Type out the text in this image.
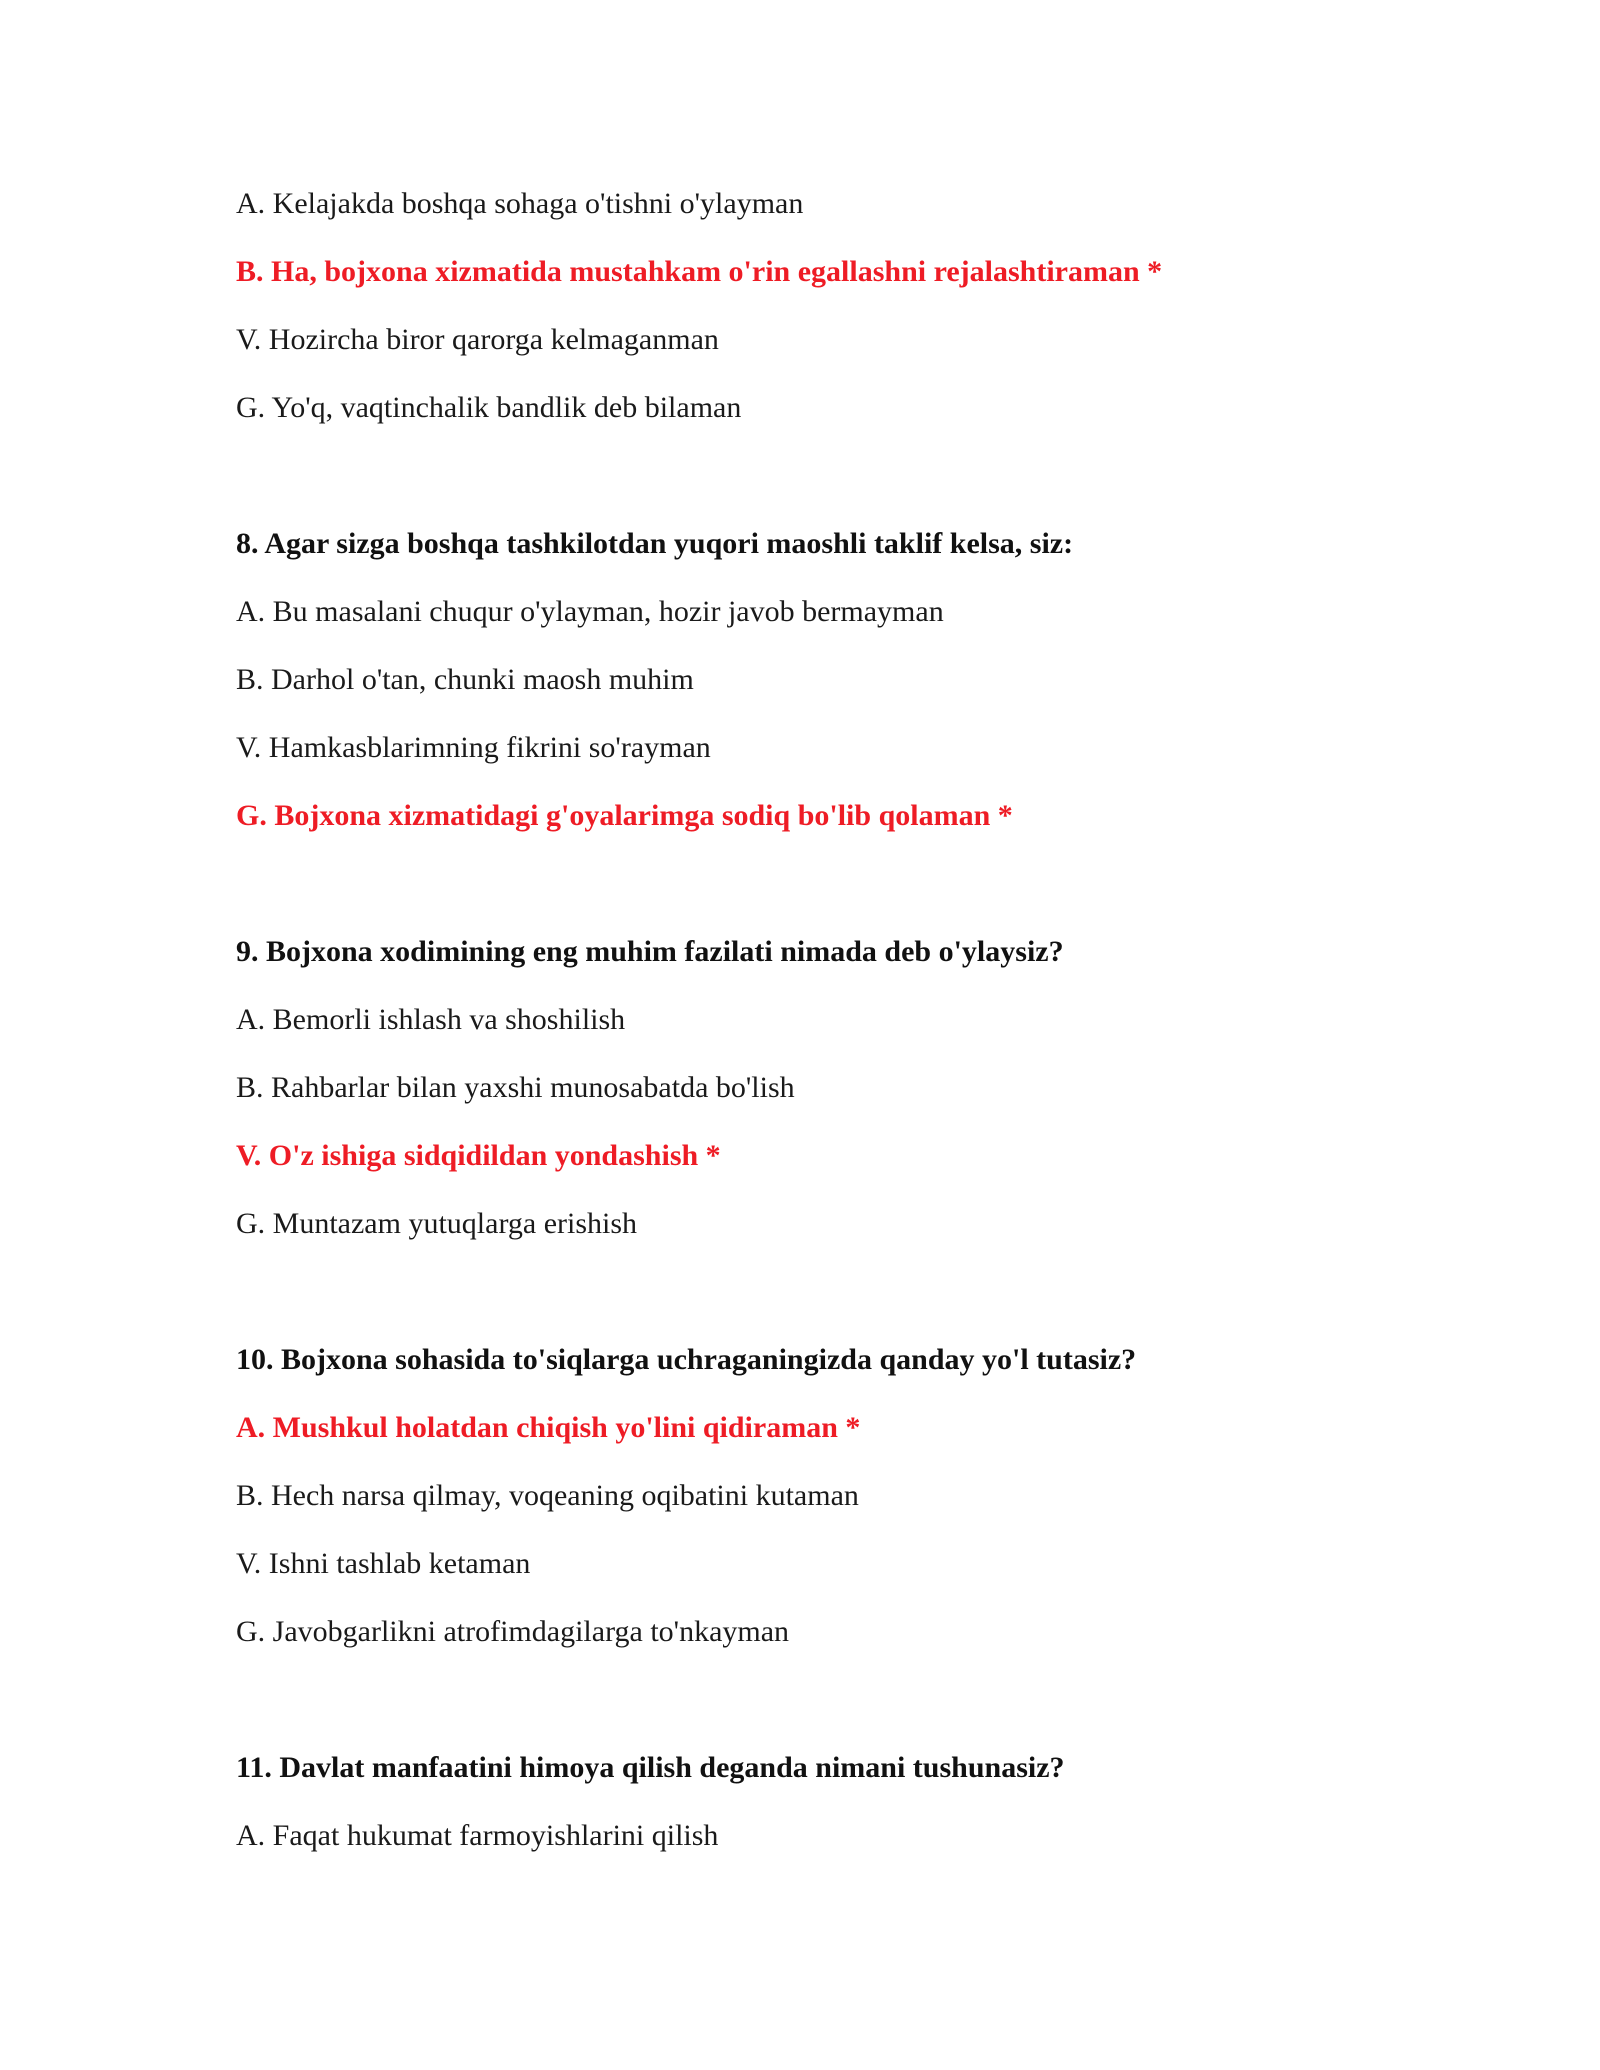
A. Kelajakda boshqa sohaga o'tishni o'ylayman
B. Ha, bojxona xizmatida mustahkam o'rin egallashni rejalashtiraman *
V. Hozircha biror qarorga kelmaganman
G. Yo'q, vaqtinchalik bandlik deb bilaman
8. Agar sizga boshqa tashkilotdan yuqori maoshli taklif kelsa, siz:
A. Bu masalani chuqur o'ylayman, hozir javob bermayman
B. Darhol o'tan, chunki maosh muhim
V. Hamkasblarimning fikrini so'rayman
G. Bojxona xizmatidagi g'oyalarimga sodiq bo'lib qolaman *
9. Bojxona xodimining eng muhim fazilati nimada deb o'ylaysiz?
A. Bemorli ishlash va shoshilish
B. Rahbarlar bilan yaxshi munosabatda bo'lish
V. O'z ishiga sidqidildan yondashish *
G. Muntazam yutuqlarga erishish
10. Bojxona sohasida to'siqlarga uchraganingizda qanday yo'l tutasiz?
A. Mushkul holatdan chiqish yo'lini qidiraman *
B. Hech narsa qilmay, voqeaning oqibatini kutaman
V. Ishni tashlab ketaman
G. Javobgarlikni atrofimdagilarga to'nkayman
11. Davlat manfaatini himoya qilish deganda nimani tushunasiz?
A. Faqat hukumat farmoyishlarini qilish
